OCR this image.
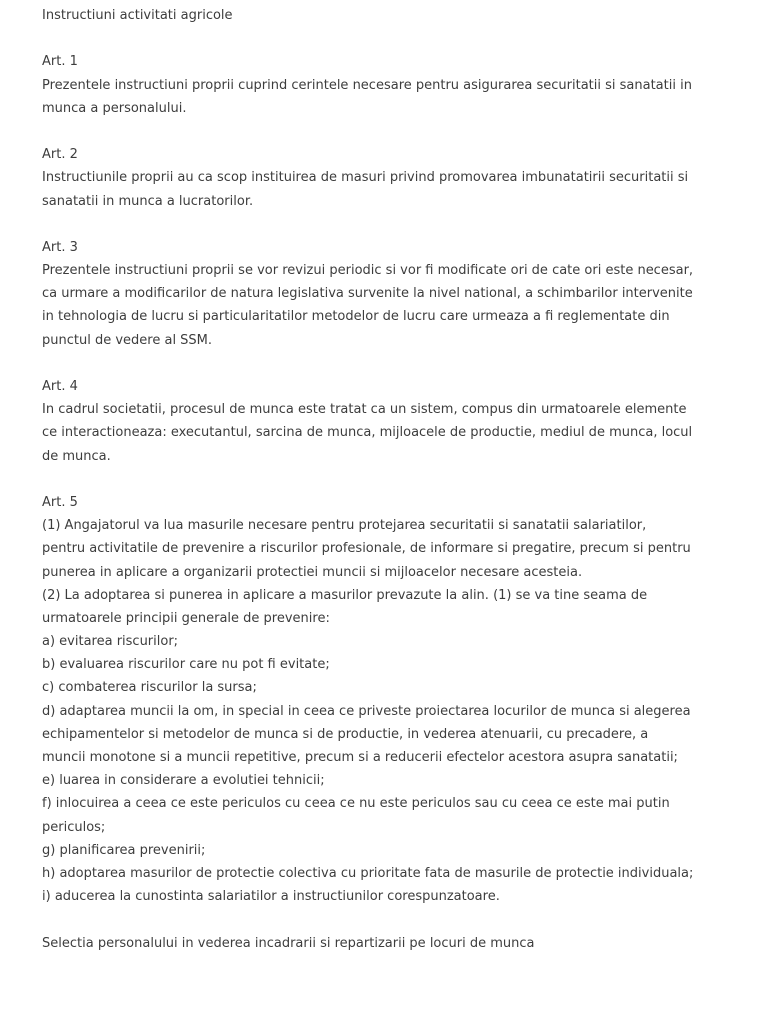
Instructiuni activitati agricole
Art. 1
Prezentele instructiuni proprii cuprind cerintele necesare pentru asigurarea securitatii si sanatatii in
munca a personalului.
Art. 2
Instructiunile proprii au ca scop instituirea de masuri privind promovarea imbunatatirii securitatii si
sanatatii in munca a lucratorilor.
Art. 3
Prezentele instructiuni proprii se vor revizui periodic si vor fi modificate ori de cate ori este necesar,
ca urmare a modificarilor de natura legislativa survenite la nivel national, a schimbarilor intervenite
in tehnologia de lucru si particularitatilor metodelor de lucru care urmeaza a fi reglementate din
punctul de vedere al SSM.
Art. 4
In cadrul societatii, procesul de munca este tratat ca un sistem, compus din urmatoarele elemente
ce interactioneaza: executantul, sarcina de munca, mijloacele de productie, mediul de munca, locul
de munca.
Art. 5
(1) Angajatorul va lua masurile necesare pentru protejarea securitatii si sanatatii salariatilor,
pentru activitatile de prevenire a riscurilor profesionale, de informare si pregatire, precum si pentru
punerea in aplicare a organizarii protectiei muncii si mijloacelor necesare acesteia.
(2) La adoptarea si punerea in aplicare a masurilor prevazute la alin. (1) se va tine seama de
urmatoarele principii generale de prevenire:
a) evitarea riscurilor;
b) evaluarea riscurilor care nu pot fi evitate;
c) combaterea riscurilor la sursa;
d) adaptarea muncii la om, in special in ceea ce priveste proiectarea locurilor de munca si alegerea
echipamentelor si metodelor de munca si de productie, in vederea atenuarii, cu precadere, a
muncii monotone si a muncii repetitive, precum si a reducerii efectelor acestora asupra sanatatii;
e) luarea in considerare a evolutiei tehnicii;
f) inlocuirea a ceea ce este periculos cu ceea ce nu este periculos sau cu ceea ce este mai putin
periculos;
g) planificarea prevenirii;
h) adoptarea masurilor de protectie colectiva cu prioritate fata de masurile de protectie individuala;
i) aducerea la cunostinta salariatilor a instructiunilor corespunzatoare.
Selectia personalului in vederea incadrarii si repartizarii pe locuri de munca
